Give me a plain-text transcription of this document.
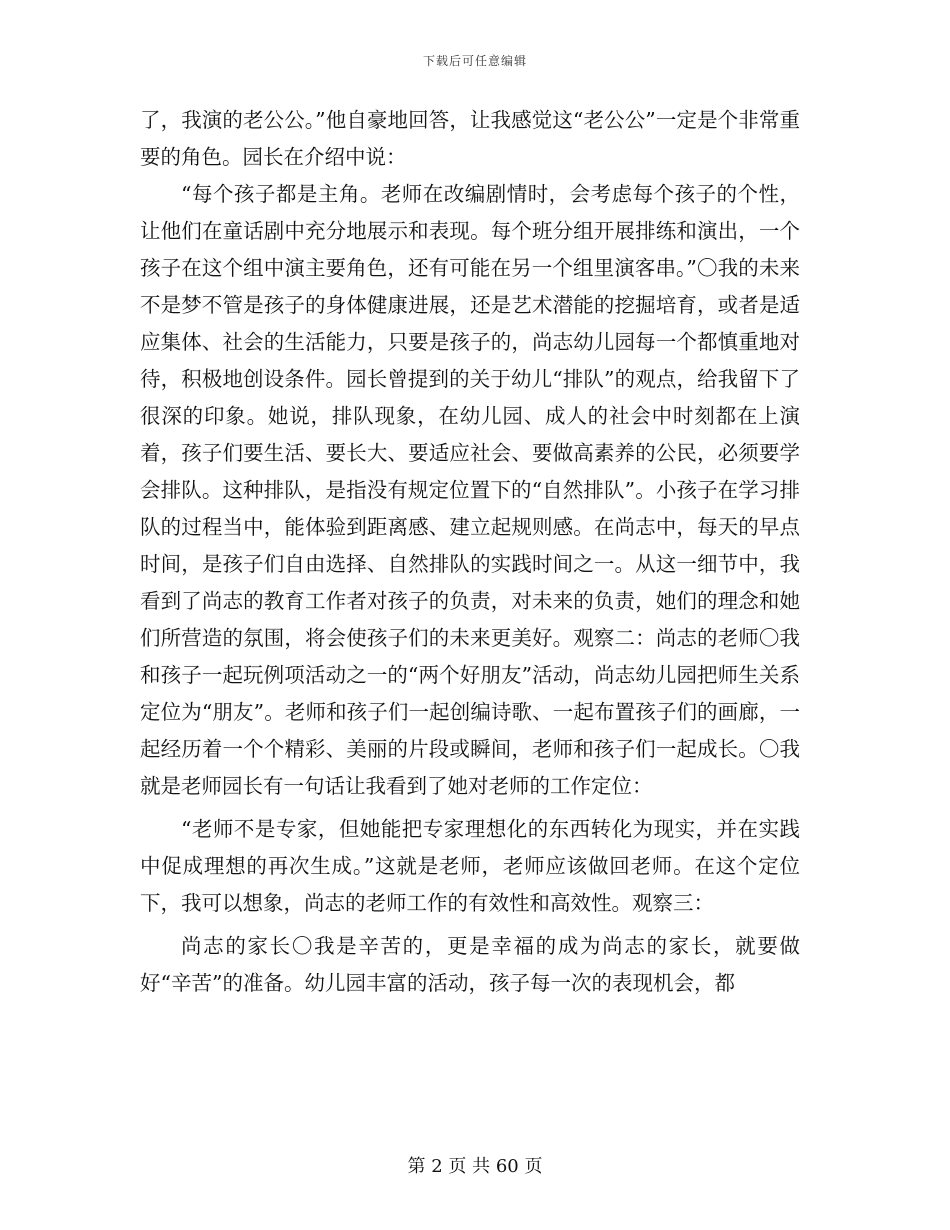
下载后可任意编辑

了，我演的老公公。”他自豪地回答，让我感觉这“老公公”一定是个非常重要的角色。园长在介绍中说：

“每个孩子都是主角。老师在改编剧情时，会考虑每个孩子的个性，让他们在童话剧中充分地展示和表现。每个班分组开展排练和演出，一个孩子在这个组中演主要角色，还有可能在另一个组里演客串。”〇我的未来不是梦不管是孩子的身体健康进展，还是艺术潜能的挖掘培育，或者是适应集体、社会的生活能力，只要是孩子的，尚志幼儿园每一个都慎重地对待，积极地创设条件。园长曾提到的关于幼儿“排队”的观点，给我留下了很深的印象。她说，排队现象，在幼儿园、成人的社会中时刻都在上演着，孩子们要生活、要长大、要适应社会、要做高素养的公民，必须要学会排队。这种排队，是指没有规定位置下的“自然排队”。小孩子在学习排队的过程当中，能体验到距离感、建立起规则感。在尚志中，每天的早点时间，是孩子们自由选择、自然排队的实践时间之一。从这一细节中，我看到了尚志的教育工作者对孩子的负责，对未来的负责，她们的理念和她们所营造的氛围，将会使孩子们的未来更美好。观察二：尚志的老师〇我和孩子一起玩例项活动之一的“两个好朋友”活动，尚志幼儿园把师生关系定位为“朋友”。老师和孩子们一起创编诗歌、一起布置孩子们的画廊，一起经历着一个个精彩、美丽的片段或瞬间，老师和孩子们一起成长。〇我就是老师园长有一句话让我看到了她对老师的工作定位：

“老师不是专家，但她能把专家理想化的东西转化为现实，并在实践中促成理想的再次生成。”这就是老师，老师应该做回老师。在这个定位下，我可以想象，尚志的老师工作的有效性和高效性。观察三：

尚志的家长〇我是辛苦的，更是幸福的成为尚志的家长，就要做好“辛苦”的准备。幼儿园丰富的活动，孩子每一次的表现机会，都

第 2 页 共 60 页
